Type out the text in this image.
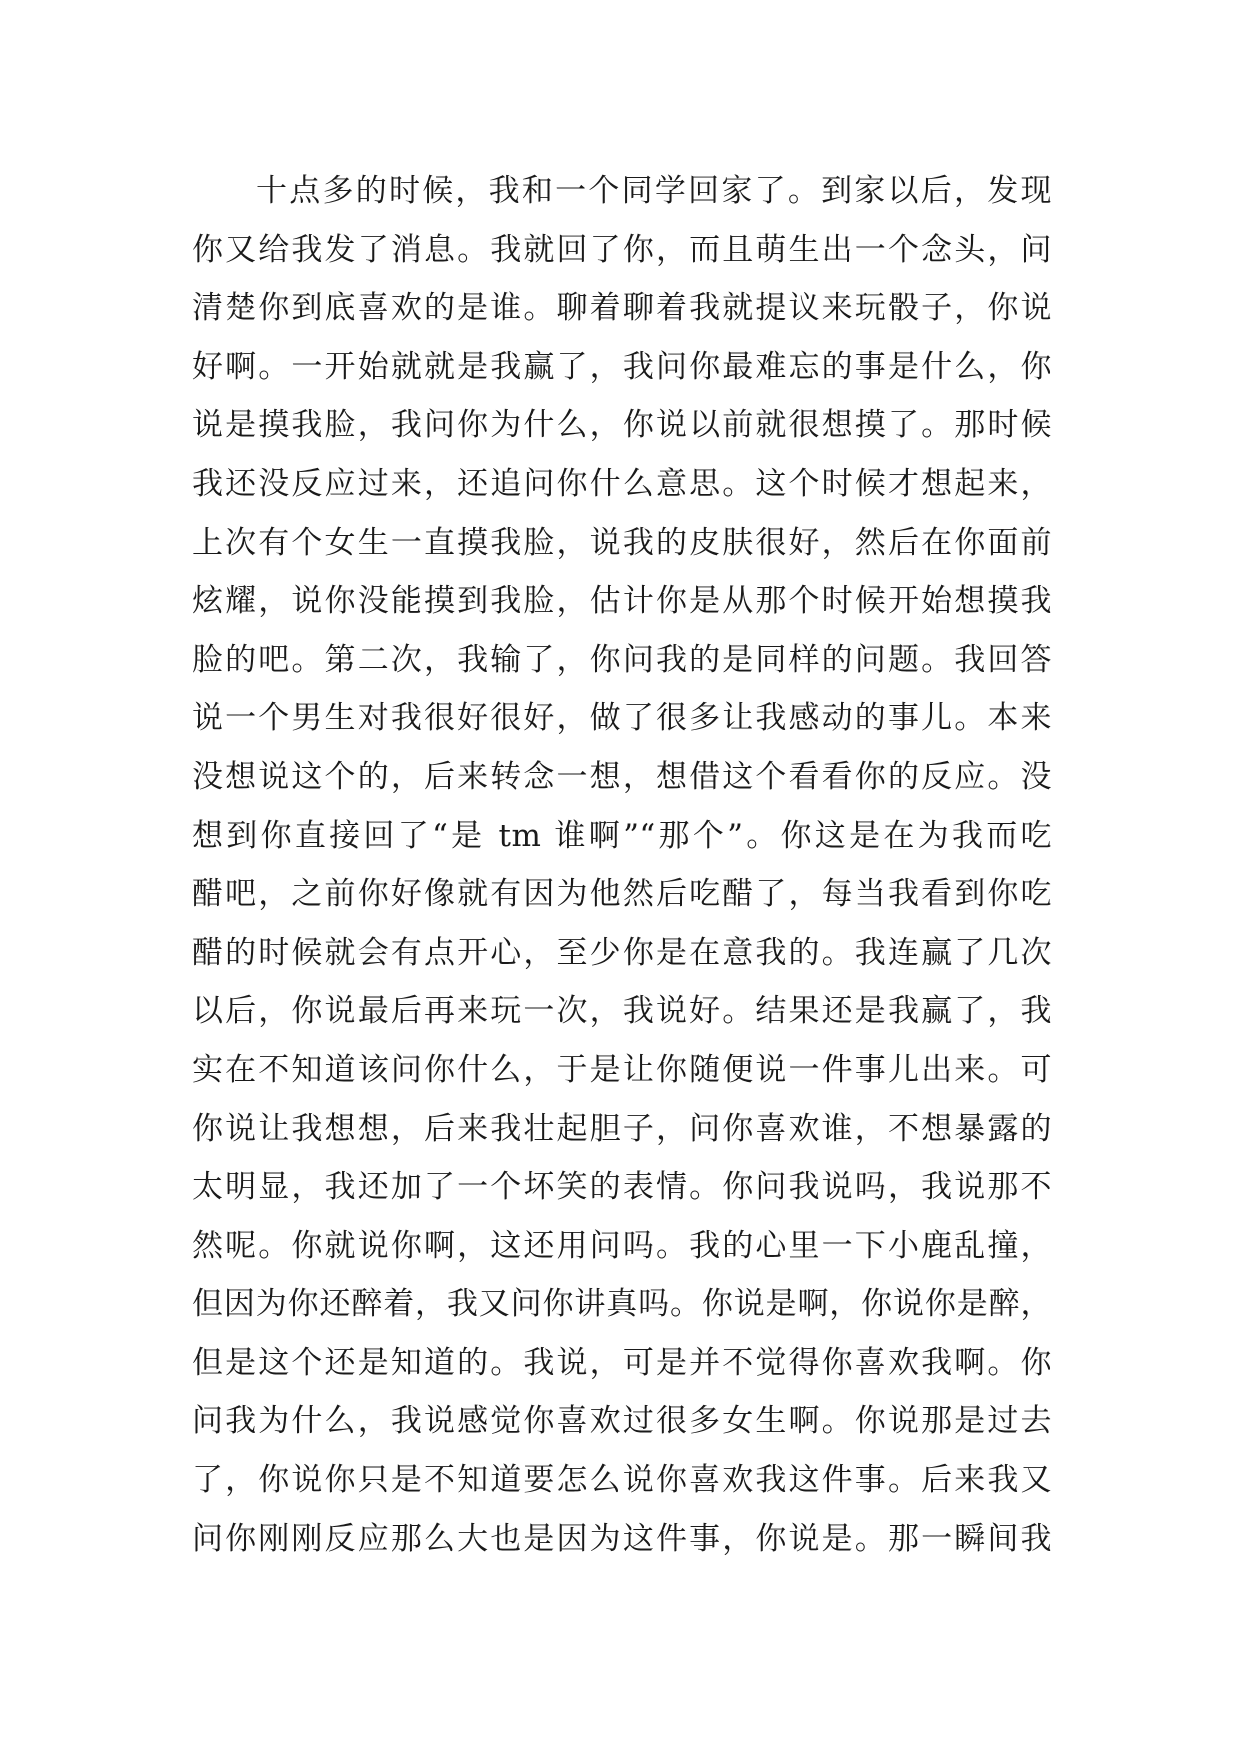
十点多的时候，我和一个同学回家了。到家以后，发现
你又给我发了消息。我就回了你，而且萌生出一个念头，问
清楚你到底喜欢的是谁。聊着聊着我就提议来玩骰子，你说
好啊。一开始就就是我赢了，我问你最难忘的事是什么，你
说是摸我脸，我问你为什么，你说以前就很想摸了。那时候
我还没反应过来，还追问你什么意思。这个时候才想起来，
上次有个女生一直摸我脸，说我的皮肤很好，然后在你面前
炫耀，说你没能摸到我脸，估计你是从那个时候开始想摸我
脸的吧。第二次，我输了，你问我的是同样的问题。我回答
说一个男生对我很好很好，做了很多让我感动的事儿。本来
没想说这个的，后来转念一想，想借这个看看你的反应。没
想到你直接回了“是 tm 谁啊”“那个”。你这是在为我而吃
醋吧，之前你好像就有因为他然后吃醋了，每当我看到你吃
醋的时候就会有点开心，至少你是在意我的。我连赢了几次
以后，你说最后再来玩一次，我说好。结果还是我赢了，我
实在不知道该问你什么，于是让你随便说一件事儿出来。可
你说让我想想，后来我壮起胆子，问你喜欢谁，不想暴露的
太明显，我还加了一个坏笑的表情。你问我说吗，我说那不
然呢。你就说你啊，这还用问吗。我的心里一下小鹿乱撞，
但因为你还醉着，我又问你讲真吗。你说是啊，你说你是醉，
但是这个还是知道的。我说，可是并不觉得你喜欢我啊。你
问我为什么，我说感觉你喜欢过很多女生啊。你说那是过去
了，你说你只是不知道要怎么说你喜欢我这件事。后来我又
问你刚刚反应那么大也是因为这件事，你说是。那一瞬间我
